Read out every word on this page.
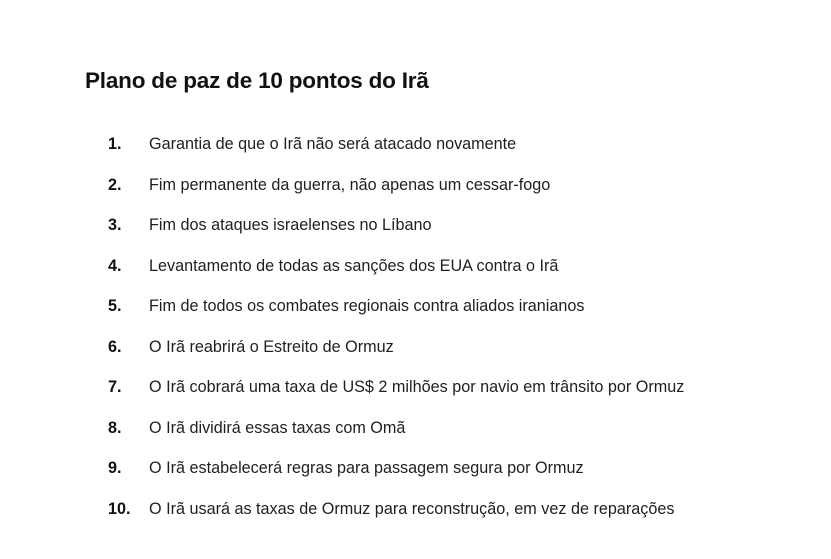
Plano de paz de 10 pontos do Irã
1.	Garantia de que o Irã não será atacado novamente
2.	Fim permanente da guerra, não apenas um cessar-fogo
3.	Fim dos ataques israelenses no Líbano
4.	Levantamento de todas as sanções dos EUA contra o Irã
5.	Fim de todos os combates regionais contra aliados iranianos
6.	O Irã reabrirá o Estreito de Ormuz
7.	O Irã cobrará uma taxa de US$ 2 milhões por navio em trânsito por Ormuz
8.	O Irã dividirá essas taxas com Omã
9.	O Irã estabelecerá regras para passagem segura por Ormuz
10.	O Irã usará as taxas de Ormuz para reconstrução, em vez de reparações
